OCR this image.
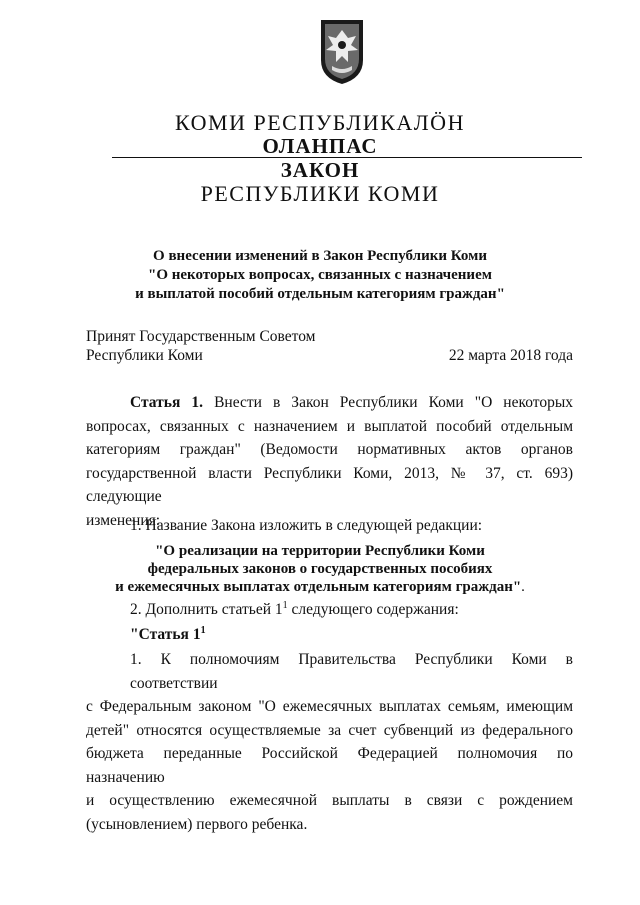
КОМИ РЕСПУБЛИКАЛӦН
ОЛАНПАС
ЗАКОН
РЕСПУБЛИКИ КОМИ
О внесении изменений в Закон Республики Коми
"О некоторых вопросах, связанных с назначением
и выплатой пособий отдельным категориям граждан"
Принят Государственным Советом
Республики Коми	22 марта 2018 года
Статья 1. Внести в Закон Республики Коми "О некоторых
вопросах, связанных с назначением и выплатой пособий отдельным
категориям граждан" (Ведомости нормативных актов органов
государственной власти Республики Коми, 2013, № 37, ст. 693) следующие
изменения:
1. Название Закона изложить в следующей редакции:
"О реализации на территории Республики Коми
федеральных законов о государственных пособиях
и ежемесячных выплатах отдельным категориям граждан".
2. Дополнить статьей $1^1$ следующего содержания:
"Статья $1^1$
1. К полномочиям Правительства Республики Коми в соответствии
с Федеральным законом "О ежемесячных выплатах семьям, имеющим
детей" относятся осуществляемые за счет субвенций из федерального
бюджета переданные Российской Федерацией полномочия по назначению
и осуществлению ежемесячной выплаты в связи с рождением
(усыновлением) первого ребенка.
